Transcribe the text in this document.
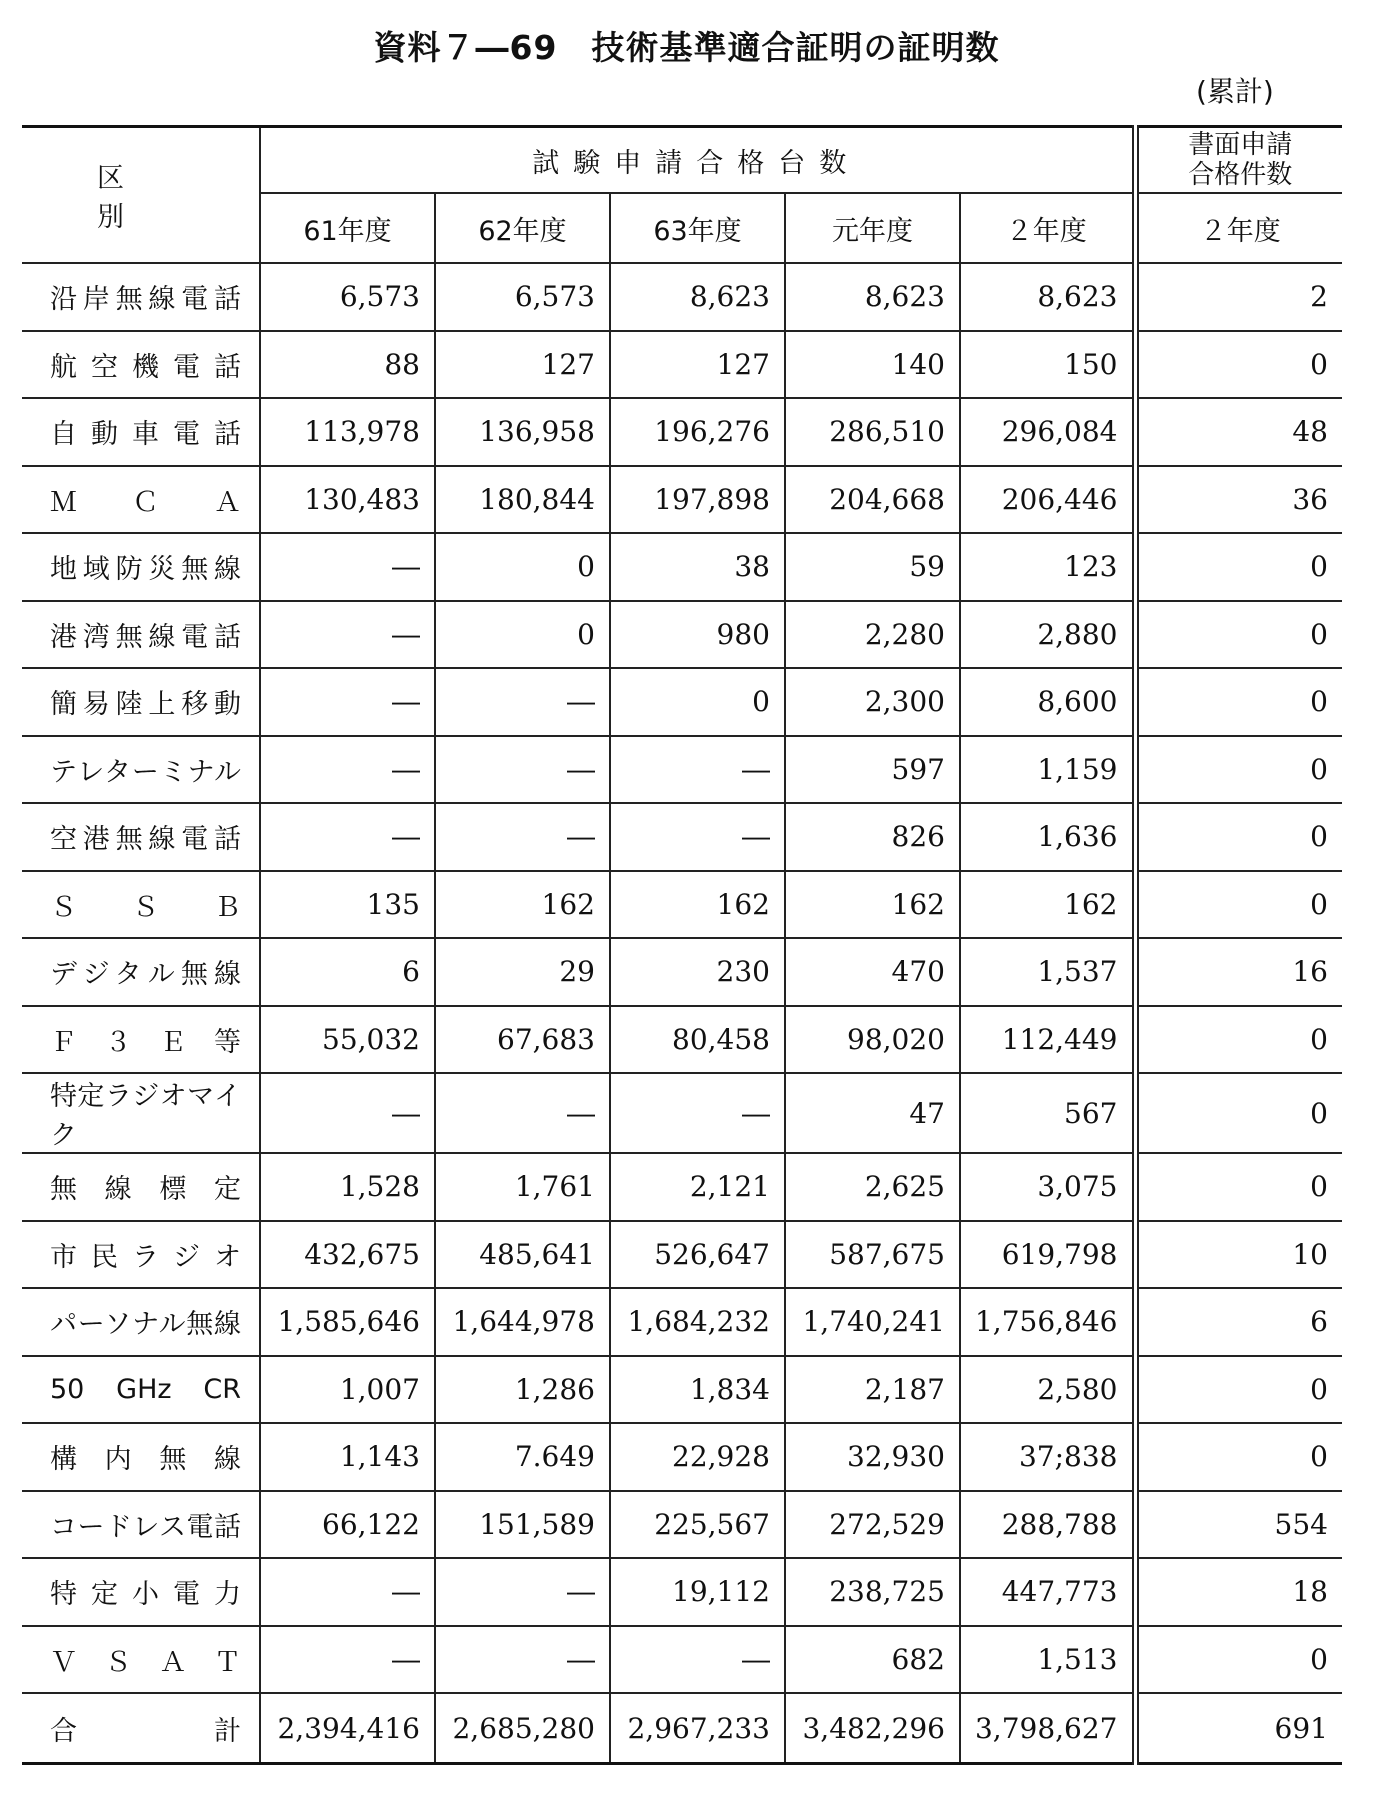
資料７―69　技術基準適合証明の証明数
(累計)
区　別	試験申請合格台数					書面申請
合格件数
	61年度	62年度	63年度	元年度	２年度	２年度
沿岸無線電話	6,573	6,573	8,623	8,623	8,623	2
航空機電話	88	127	127	140	150	0
自動車電話	113,978	136,958	196,276	286,510	296,084	48
ＭＣＡ	130,483	180,844	197,898	204,668	206,446	36
地域防災無線	―	0	38	59	123	0
港湾無線電話	―	0	980	2,280	2,880	0
簡易陸上移動	―	―	0	2,300	8,600	0
テレターミナル	―	―	―	597	1,159	0
空港無線電話	―	―	―	826	1,636	0
ＳＳＢ	135	162	162	162	162	0
デジタル無線	6	29	230	470	1,537	16
Ｆ３Ｅ等	55,032	67,683	80,458	98,020	112,449	0
特定ラジオマイク	―	―	―	47	567	0
無線標定	1,528	1,761	2,121	2,625	3,075	0
市民ラジオ	432,675	485,641	526,647	587,675	619,798	10
パーソナル無線	1,585,646	1,644,978	1,684,232	1,740,241	1,756,846	6
50 GHz CR	1,007	1,286	1,834	2,187	2,580	0
構内無線	1,143	7.649	22,928	32,930	37;838	0
コードレス電話	66,122	151,589	225,567	272,529	288,788	554
特定小電力	―	―	19,112	238,725	447,773	18
ＶＳＡＴ	―	―	―	682	1,513	0
合計	2,394,416	2,685,280	2,967,233	3,482,296	3,798,627	691
